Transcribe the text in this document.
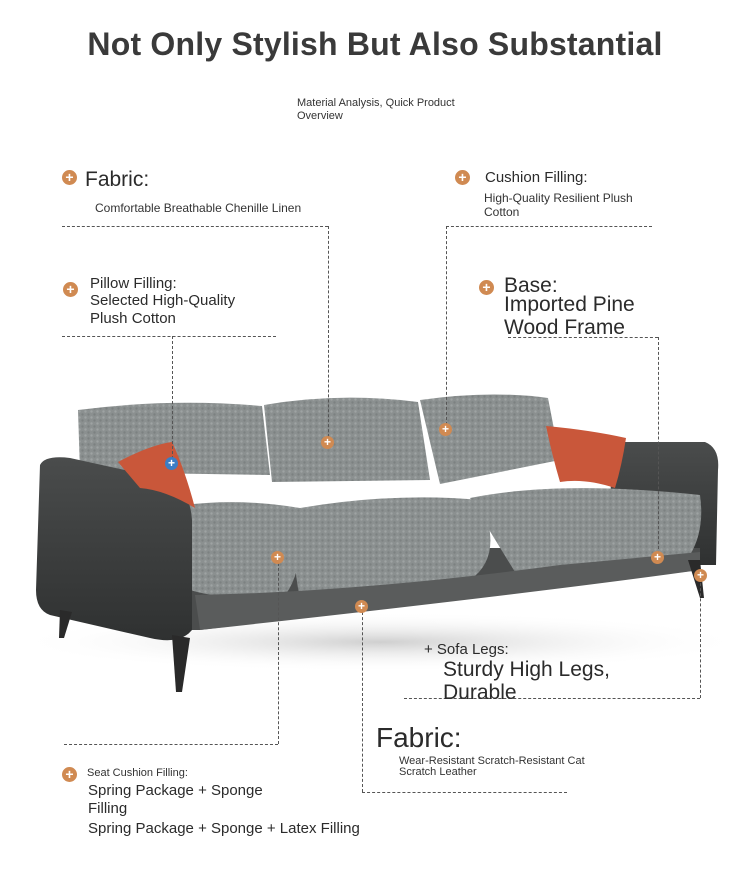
Not Only Stylish But Also Substantial
Material Analysis, Quick Product Overview
+
+
+
+
+
+
+
+ Fabric:
Comfortable Breathable Chenille Linen
+ Cushion Filling:
High-Quality Resilient Plush Cotton
+ Pillow Filling:
Selected High-Quality Plush Cotton
+ Base:
Imported Pine Wood Frame
+ Sofa Legs:
Sturdy High Legs, Durable
Fabric:
Wear-Resistant Scratch-Resistant Cat Scratch Leather
+	Seat Cushion Filling:
Spring Package + Sponge Filling
Spring Package + Sponge + Latex Filling
